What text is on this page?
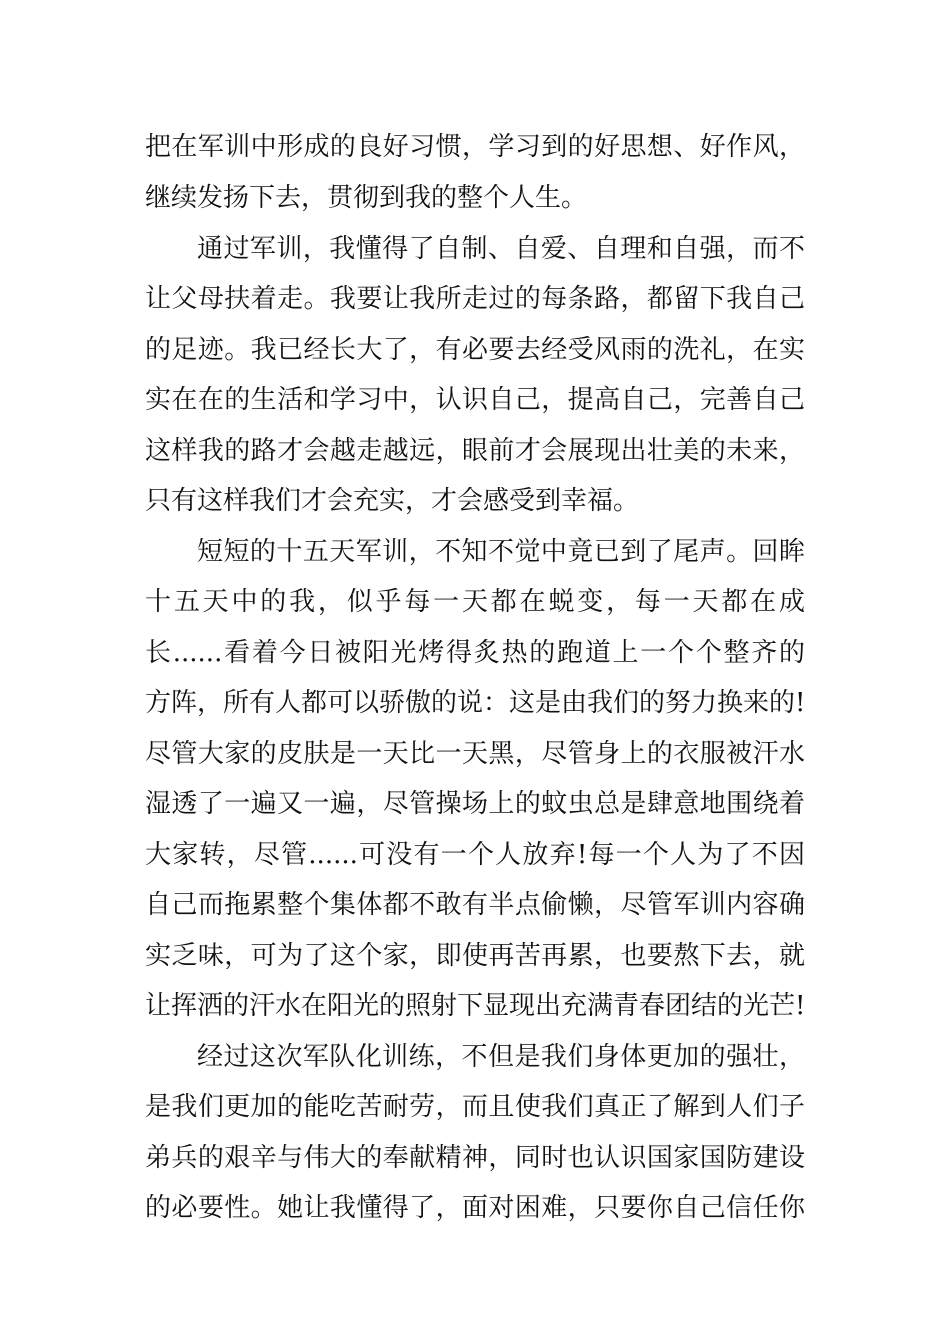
把在军训中形成的良好习惯，学习到的好思想、好作风，
继续发扬下去，贯彻到我的整个人生。
通过军训，我懂得了自制、自爱、自理和自强，而不
让父母扶着走。我要让我所走过的每条路，都留下我自己
的足迹。我已经长大了，有必要去经受风雨的洗礼，在实
实在在的生活和学习中，认识自己，提高自己，完善自己
这样我的路才会越走越远，眼前才会展现出壮美的未来，
只有这样我们才会充实，才会感受到幸福。
短短的十五天军训，不知不觉中竟已到了尾声。回眸
十五天中的我，似乎每一天都在蜕变，每一天都在成
长......看着今日被阳光烤得炙热的跑道上一个个整齐的
方阵，所有人都可以骄傲的说：这是由我们的努力换来的!
尽管大家的皮肤是一天比一天黑，尽管身上的衣服被汗水
湿透了一遍又一遍，尽管操场上的蚊虫总是肆意地围绕着
大家转，尽管......可没有一个人放弃!每一个人为了不因
自己而拖累整个集体都不敢有半点偷懒，尽管军训内容确
实乏味，可为了这个家，即使再苦再累，也要熬下去，就
让挥洒的汗水在阳光的照射下显现出充满青春团结的光芒!
经过这次军队化训练，不但是我们身体更加的强壮，
是我们更加的能吃苦耐劳，而且使我们真正了解到人们子
弟兵的艰辛与伟大的奉献精神，同时也认识国家国防建设
的必要性。她让我懂得了，面对困难，只要你自己信任你
